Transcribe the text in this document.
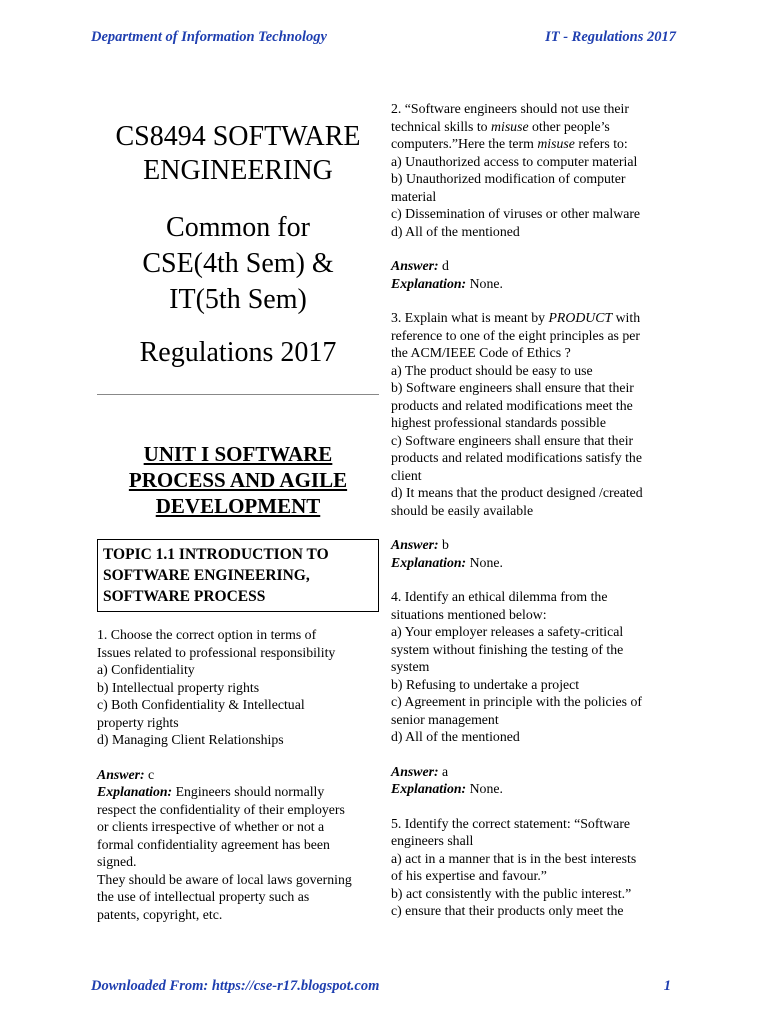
Department of Information Technology	IT - Regulations 2017
CS8494 SOFTWARE
ENGINEERING
Common for
CSE(4th Sem) &
IT(5th Sem)
Regulations 2017
UNIT I SOFTWARE
PROCESS AND AGILE
DEVELOPMENT
TOPIC 1.1 INTRODUCTION TO
SOFTWARE ENGINEERING,
SOFTWARE PROCESS

1. Choose the correct option in terms of

Issues related to professional responsibility

a) Confidentiality

b) Intellectual property rights

c) Both Confidentiality & Intellectual

property rights

d) Managing Client Relationships

Answer: c
Explanation: Engineers should normally
respect the confidentiality of their employers
or clients irrespective of whether or not a
formal confidentiality agreement has been
signed.
They should be aware of local laws governing
the use of intellectual property such as
patents, copyright, etc.

2. “Software engineers should not use their

technical skills to misuse other people’s

computers.”Here the term misuse refers to:

a) Unauthorized access to computer material

b) Unauthorized modification of computer

material

c) Dissemination of viruses or other malware

d) All of the mentioned

Answer: d
Explanation: None.

3. Explain what is meant by PRODUCT with

reference to one of the eight principles as per

the ACM/IEEE Code of Ethics ?

a) The product should be easy to use

b) Software engineers shall ensure that their

products and related modifications meet the

highest professional standards possible

c) Software engineers shall ensure that their

products and related modifications satisfy the

client

d) It means that the product designed /created

should be easily available

Answer: b
Explanation: None.

4. Identify an ethical dilemma from the

situations mentioned below:

a) Your employer releases a safety-critical

system without finishing the testing of the

system

b) Refusing to undertake a project

c) Agreement in principle with the policies of

senior management

d) All of the mentioned

Answer: a
Explanation: None.

5. Identify the correct statement: “Software

engineers shall

a) act in a manner that is in the best interests

of his expertise and favour.”

b) act consistently with the public interest.”

c) ensure that their products only meet the

Downloaded From: https://cse-r17.blogspot.com	1
